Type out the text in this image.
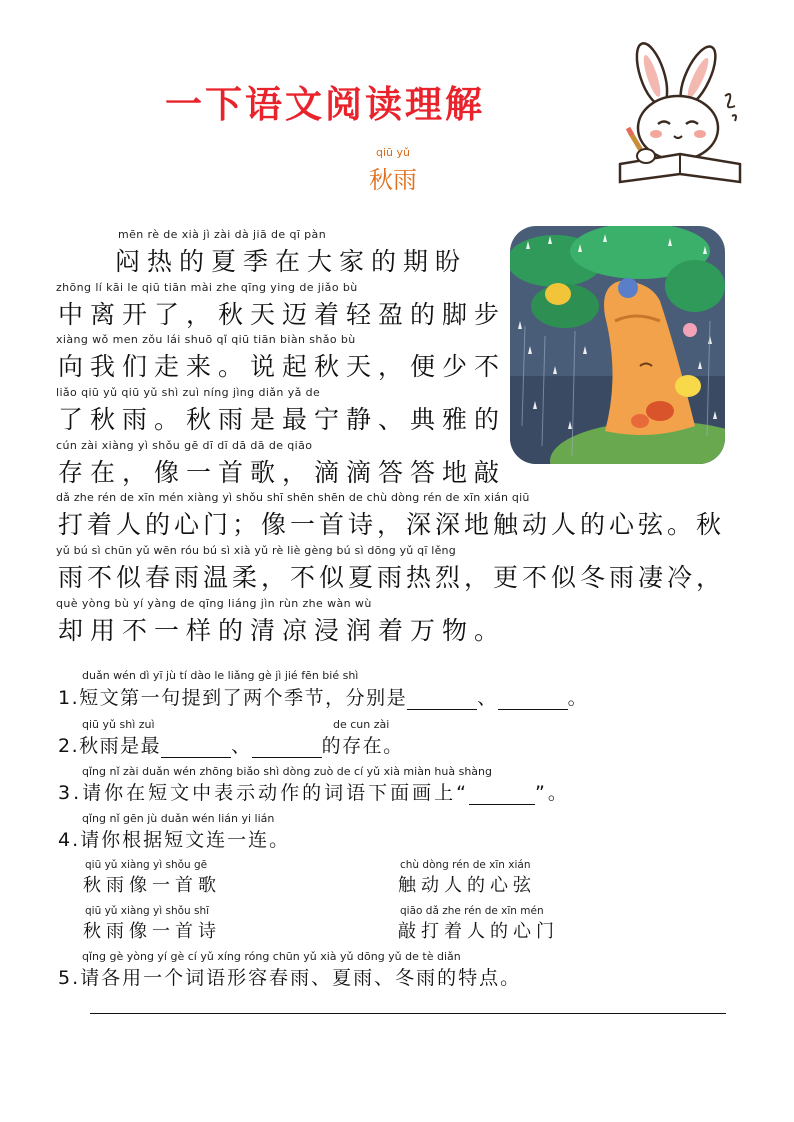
一下语文阅读理解
qiū yǔ
秋雨
mēn rè de xià jì zài dà jiā de qī pàn
闷热的夏季在大家的期盼
zhōng lí kāi le qiū tiān mài zhe qīng ying de jiǎo bù
中离开了，秋天迈着轻盈的脚步
xiàng wǒ men zǒu lái shuō qǐ qiū tiān biàn shǎo bù
向我们走来。说起秋天，便少不
liǎo qiū yǔ qiū yǔ shì zuì níng jìng diǎn yǎ de
了秋雨。秋雨是最宁静、典雅的
cún zài xiàng yì shǒu gē dī dī dā dā de qiāo
存在，像一首歌，滴滴答答地敲
dǎ zhe rén de xīn mén xiàng yì shǒu shī shēn shēn de chù dòng rén de xīn xián qiū
打着人的心门；像一首诗，深深地触动人的心弦。秋
yǔ bú sì chūn yǔ wēn róu bú sì xià yǔ rè liè gèng bú sì dōng yǔ qī lěng
雨不似春雨温柔，不似夏雨热烈，更不似冬雨凄冷，
què yòng bù yí yàng de qīng liáng jìn rùn zhe wàn wù
却用不一样的清凉浸润着万物。
duǎn wén dì yī jù tí dào le liǎng gè jì jié fēn bié shì
1.短文第一句提到了两个季节，分别是	、	。
qiū yǔ shì zuì	de cun zài
2.秋雨是最	、	的存在。
qǐng nǐ zài duǎn wén zhōng biǎo shì dòng zuò de cí yǔ xià miàn huà shàng
3.请你在短文中表示动作的词语下面画上“	”。
qǐng nǐ gēn jù duǎn wén lián yi lián
4.请你根据短文连一连。
qiū yǔ xiàng yì shǒu gē
秋雨像一首歌
chù dòng rén de xīn xián
触动人的心弦
qiū yǔ xiàng yì shǒu shī
秋雨像一首诗
qiāo dǎ zhe rén de xīn mén
敲打着人的心门
qǐng gè yòng yí gè cí yǔ xíng róng chūn yǔ xià yǔ dōng yǔ de tè diǎn
5.请各用一个词语形容春雨、夏雨、冬雨的特点。
